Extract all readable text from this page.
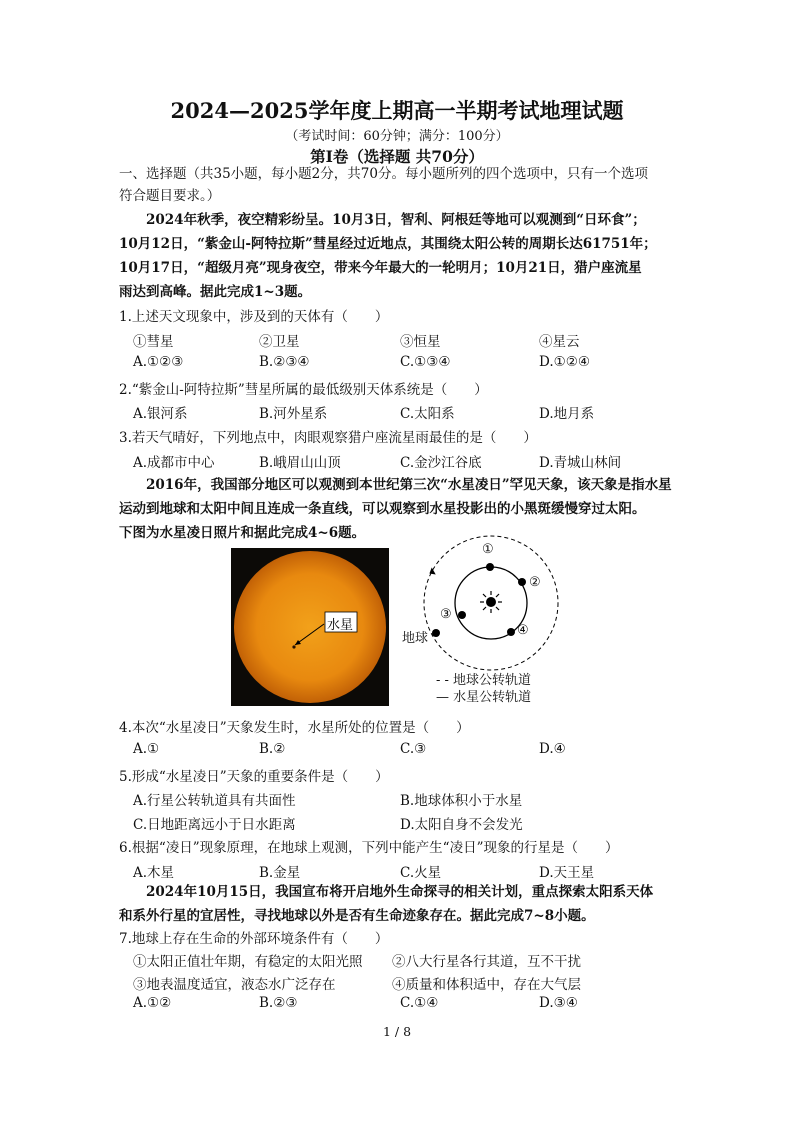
2024—2025学年度上期高一半期考试地理试题
（考试时间：60分钟；满分：100分）
第Ⅰ卷（选择题 共70分）
一、选择题（共35小题，每小题2分，共70分。每小题所列的四个选项中，只有一个选项
符合题目要求。）
2024年秋季，夜空精彩纷呈。10月3日，智利、阿根廷等地可以观测到“日环食”；
10月12日，“紫金山-阿特拉斯”彗星经过近地点，其围绕太阳公转的周期长达61751年；
10月17日，“超级月亮”现身夜空，带来今年最大的一轮明月；10月21日，猎户座流星
雨达到高峰。据此完成1~3题。
1.上述天文现象中，涉及到的天体有（　　）
①彗星	②卫星	③恒星	④星云
A.①②③	B.②③④	C.①③④	D.①②④
2.“紫金山-阿特拉斯”彗星所属的最低级别天体系统是（　　）
A.银河系	B.河外星系	C.太阳系	D.地月系
3.若天气晴好，下列地点中，肉眼观察猎户座流星雨最佳的是（　　）
A.成都市中心	B.峨眉山山顶	C.金沙江谷底	D.青城山林间
2016年，我国部分地区可以观测到本世纪第三次“水星凌日”罕见天象，该天象是指水星
运动到地球和太阳中间且连成一条直线，可以观察到水星投影出的小黑斑缓慢穿过太阳。
下图为水星凌日照片和据此完成4~6题。
水星
①
②
③
④
地球
- - 地球公转轨道
— 水星公转轨道
4.本次“水星凌日”天象发生时，水星所处的位置是（　　）
A.①	B.②	C.③	D.④
5.形成“水星凌日”天象的重要条件是（　　）
A.行星公转轨道具有共面性	B.地球体积小于水星
C.日地距离远小于日水距离	D.太阳自身不会发光
6.根据“凌日”现象原理，在地球上观测，下列中能产生“凌日”现象的行星是（　　）
A.木星	B.金星	C.火星	D.天王星
2024年10月15日，我国宣布将开启地外生命探寻的相关计划，重点探索太阳系天体
和系外行星的宜居性，寻找地球以外是否有生命迹象存在。据此完成7~8小题。
7.地球上存在生命的外部环境条件有（　　）
①太阳正值壮年期，有稳定的太阳光照 ②八大行星各行其道，互不干扰
③地表温度适宜，液态水广泛存在	④质量和体积适中，存在大气层
A.①②	B.②③	C.①④	D.③④
1 / 8
